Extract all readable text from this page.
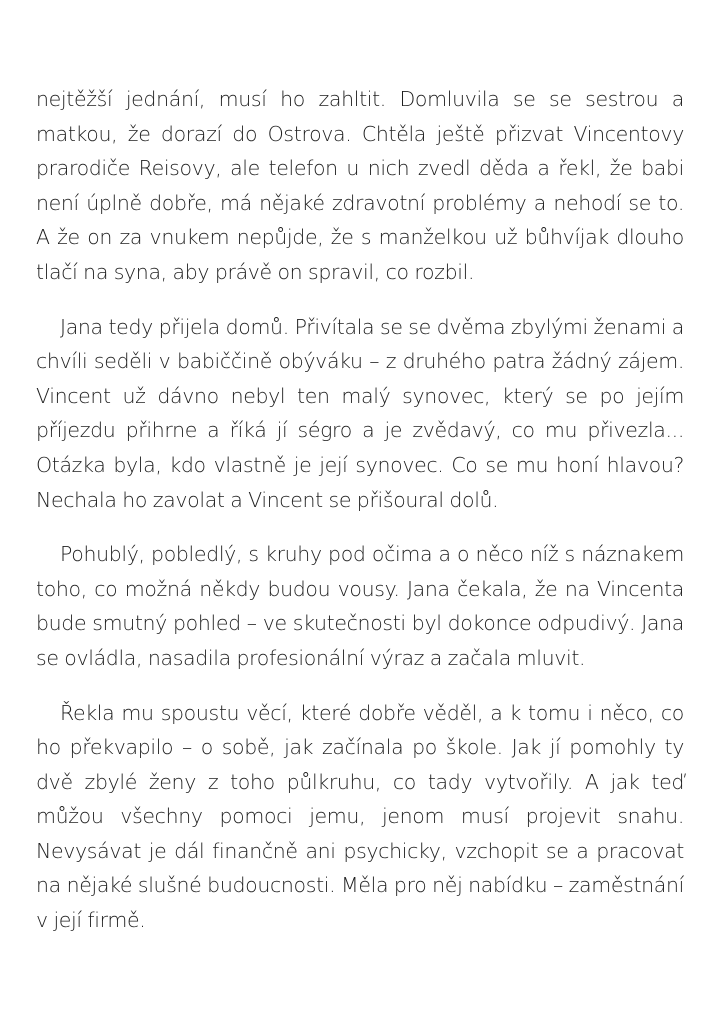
nejtěžší jednání, musí ho zahltit. Domluvila se se sestrou a matkou, že dorazí do Ostrova. Chtěla ještě přizvat Vincentovy prarodiče Reisovy, ale telefon u nich zvedl děda a řekl, že babi není úplně dobře, má nějaké zdravotní problémy a nehodí se to. A že on za vnukem nepůjde, že s manželkou už bůhvíjak dlouho tlačí na syna, aby právě on spravil, co rozbil.

Jana tedy přijela domů. Přivítala se se dvěma zbylými ženami a chvíli seděli v babiččině obýváku – z druhého patra žádný zájem. Vincent už dávno nebyl ten malý synovec, který se po jejím příjezdu přihrne a říká jí ségro a je zvědavý, co mu přivezla... Otázka byla, kdo vlastně je její synovec. Co se mu honí hlavou? Nechala ho zavolat a Vincent se přišoural dolů.

Pohublý, pobledlý, s kruhy pod očima a o něco níž s náznakem toho, co možná někdy budou vousy. Jana čekala, že na Vincenta bude smutný pohled – ve skutečnosti byl dokonce odpudivý. Jana se ovládla, nasadila profesionální výraz a začala mluvit.

Řekla mu spoustu věcí, které dobře věděl, a k tomu i něco, co ho překvapilo – o sobě, jak začínala po škole. Jak jí pomohly ty dvě zbylé ženy z toho půlkruhu, co tady vytvořily. A jak teď můžou všechny pomoci jemu, jenom musí projevit snahu. Nevysávat je dál finančně ani psychicky, vzchopit se a pracovat na nějaké slušné budoucnosti. Měla pro něj nabídku – zaměstnání v její firmě.
